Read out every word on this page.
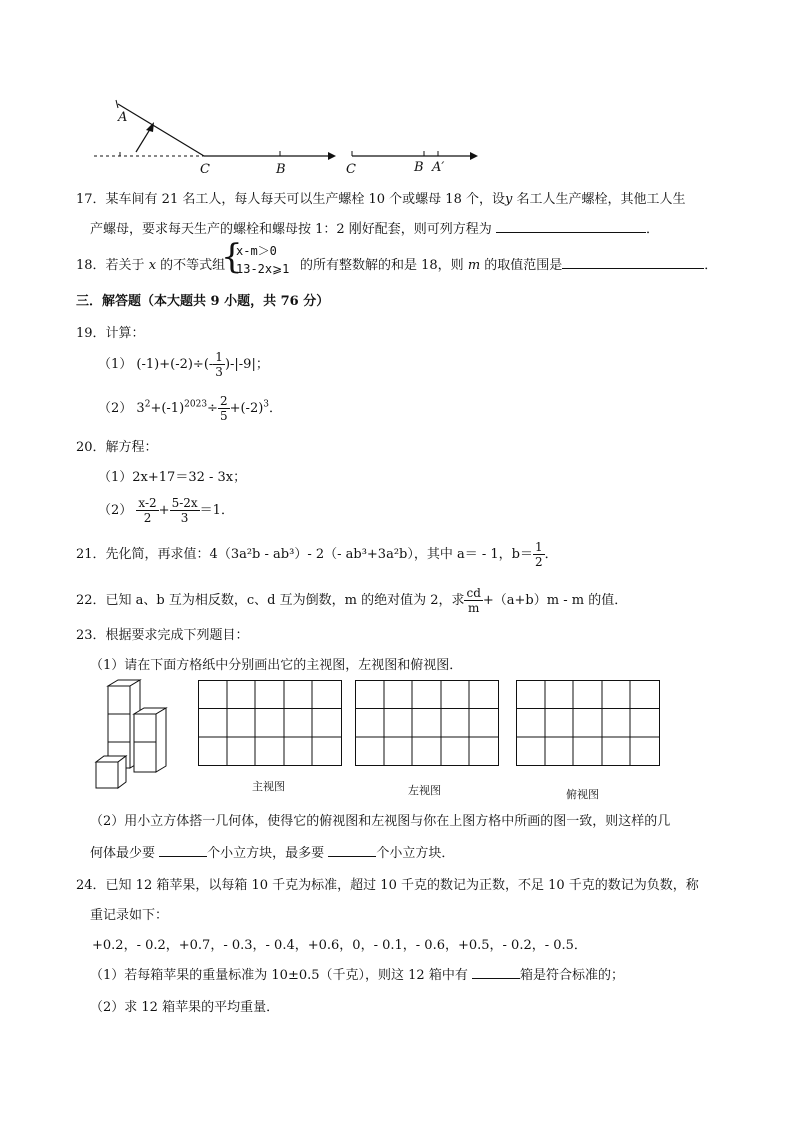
A
C	B	C	B A′
17．某车间有 21 名工人，每人每天可以生产螺栓 10 个或螺母 18 个，设y 名工人生产螺栓，其他工人生
产螺母，要求每天生产的螺栓和螺母按 1：2 刚好配套，则可列方程为	．
18．若关于 x 的不等式组
{
x-m＞0
13-2x⩾1 的所有整数解的和是 18，则 m 的取值范围是	．
三．解答题（本大题共 9 小题，共 76 分）
19．计算：
（1） $(-1)+(-2)\div(- \frac{1}{3} )-|-9|$；
（2） $3^2+(-1)^{2023}\div \frac{2}{5} +(-2)^3$．
20．解方程：
（1）2x+17＝32 - 3x；
$(2) \frac{x-2}{2} + \frac{5-2x}{3} =1$．
21．先化简，再求值：4（3a²b - ab³）- 2（- ab³+3a²b），其中 a＝ - 1，$b= \frac{1}{2}$ ．
22．已知 a、b 互为相反数，c、d 互为倒数，m 的绝对值为 2，求 $\frac{cd}{m} +(a+b)m - m$ 的值．
23．根据要求完成下列题目：
（1）请在下面方格纸中分别画出它的主视图，左视图和俯视图．
主视图	左视图	俯视图
（2）用小立方体搭一几何体，使得它的俯视图和左视图与你在上图方格中所画的图一致，则这样的几
何体最少要	个小立方块，最多要	个小立方块．
24．已知 12 箱苹果，以每箱 10 千克为标准，超过 10 千克的数记为正数，不足 10 千克的数记为负数，称
重记录如下：
+0.2，- 0.2，+0.7，- 0.3，- 0.4，+0.6，0，- 0.1，- 0.6，+0.5，- 0.2，- 0.5．
（1）若每箱苹果的重量标准为 10±0.5（千克），则这 12 箱中有	箱是符合标准的；
（2）求 12 箱苹果的平均重量．
